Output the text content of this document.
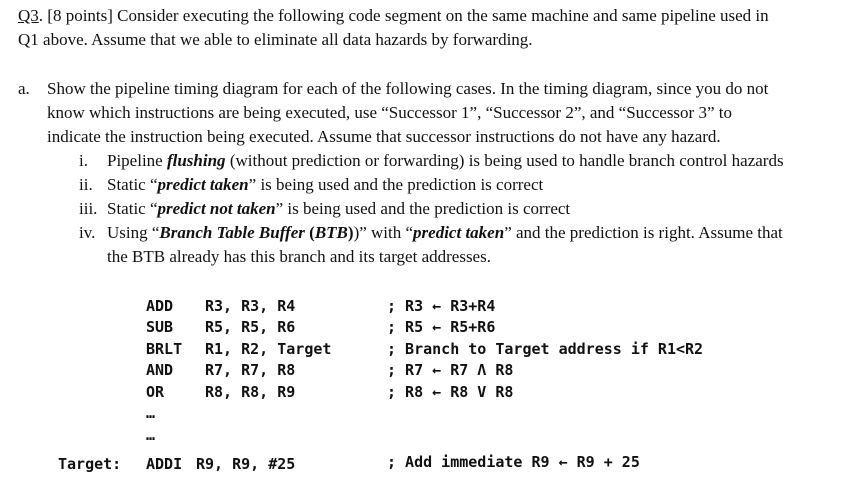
Q3. [8 points] Consider executing the following code segment on the same machine and same pipeline used in
Q1 above. Assume that we able to eliminate all data hazards by forwarding.
a. Show the pipeline timing diagram for each of the following cases. In the timing diagram, since you do not
know which instructions are being executed, use “Successor 1”, “Successor 2”, and “Successor 3” to
indicate the instruction being executed. Assume that successor instructions do not have any hazard.
i. Pipeline flushing (without prediction or forwarding) is being used to handle branch control hazards
ii. Static “predict taken” is being used and the prediction is correct
iii. Static “predict not taken” is being used and the prediction is correct
iv. Using “Branch Table Buffer (BTB))” with “predict taken” and the prediction is right. Assume that
the BTB already has this branch and its target addresses.
ADD R3, R3, R4	; R3 ← R3+R4
SUB R5, R5, R6	; R5 ← R5+R6
BRLT R1, R2, Target	; Branch to Target address if R1<R2
AND R7, R7, R8	; R7 ← R7 Λ R8
OR	R8, R8, R9	; R8 ← R8 V R8
…
…
Target: ADDI R9, R9, #25	; Add immediate R9 ← R9 + 25
